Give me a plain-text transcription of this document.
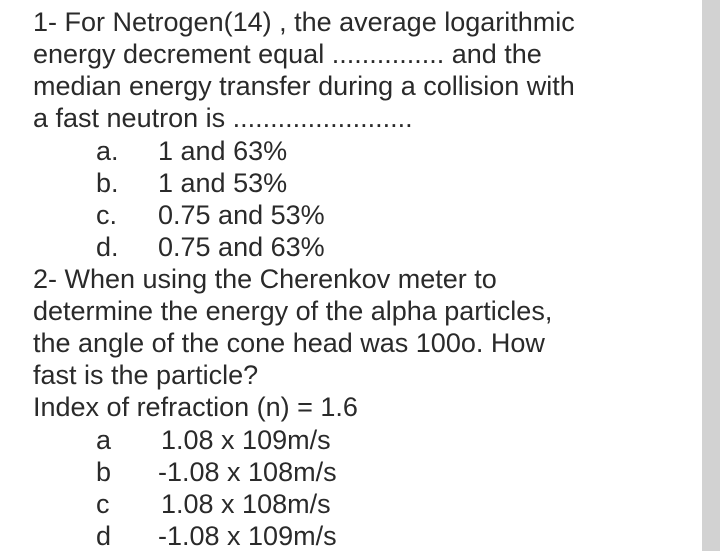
1- For Netrogen(14) , the average logarithmic
energy decrement equal ............... and the
median energy transfer during a collision with
a fast neutron is ........................
a. 1 and 63%
b. 1 and 53%
c. 0.75 and 53%
d. 0.75 and 63%
2- When using the Cherenkov meter to
determine the energy of the alpha particles,
the angle of the cone head was 100o. How
fast is the particle?
Index of refraction (n) = 1.6
a 1.08 x 109m/s
b -1.08 x 108m/s
c 1.08 x 108m/s
d -1.08 x 109m/s
